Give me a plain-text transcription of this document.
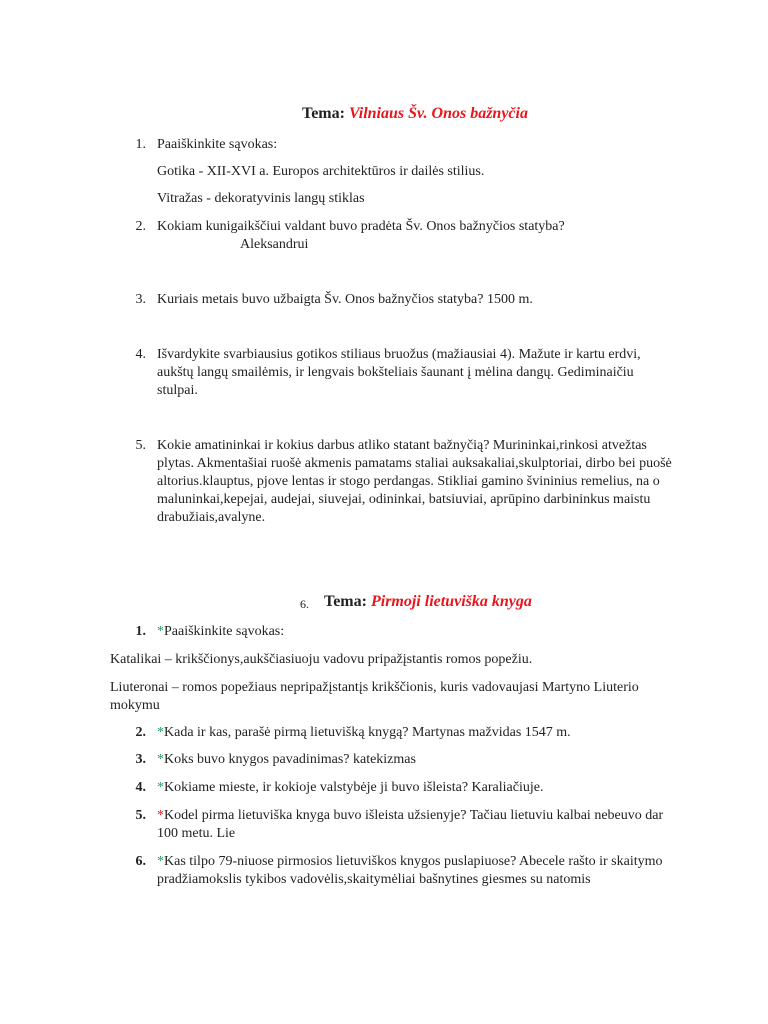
Tema: Vilniaus Šv. Onos bažnyčia
1. Paaiškinkite sąvokas:
Gotika - XII-XVI a. Europos architektūros ir dailės stilius.
Vitražas - dekoratyvinis langų stiklas
2. Kokiam kunigaikščiui valdant buvo pradėta Šv. Onos bažnyčios statyba?
Aleksandrui
3. Kuriais metais buvo užbaigta Šv. Onos bažnyčios statyba? 1500 m.
4. Išvardykite svarbiausius gotikos stiliaus bruožus (mažiausiai 4). Mažute ir kartu erdvi,
aukštų langų smailėmis, ir lengvais bokšteliais šaunant į mėlina dangų. Gediminaičiu
stulpai.
5. Kokie amatininkai ir kokius darbus atliko statant bažnyčią? Murininkai,rinkosi atvežtas
plytas. Akmentašiai ruošė akmenis pamatams staliai auksakaliai,skulptoriai, dirbo bei puošė
altorius.klauptus, pjove lentas ir stogo perdangas. Stikliai gamino švininius remelius, na o
maluninkai,kepejai, audejai, siuvejai, odininkai, batsiuviai, aprūpino darbininkus maistu
drabužiais,avalyne.
6. Tema: Pirmoji lietuviška knyga
1. *Paaiškinkite sąvokas:
Katalikai – krikščionys,aukščiasiuoju vadovu pripažįstantis romos popežiu.
Liuteronai – romos popežiaus nepripažįstantįs krikščionis, kuris vadovaujasi Martyno Liuterio
mokymu
2. *Kada ir kas, parašė pirmą lietuvišką knygą? Martynas mažvidas 1547 m.
3. *Koks buvo knygos pavadinimas? katekizmas
4. *Kokiame mieste, ir kokioje valstybėje ji buvo išleista? Karaliačiuje.
5. *Kodel pirma lietuviška knyga buvo išleista užsienyje? Tačiau lietuviu kalbai nebeuvo dar
100 metu. Lie
6. *Kas tilpo 79-niuose pirmosios lietuviškos knygos puslapiuose? Abecele rašto ir skaitymo
pradžiamokslis tykibos vadovėlis,skaitymėliai bašnytines giesmes su natomis
